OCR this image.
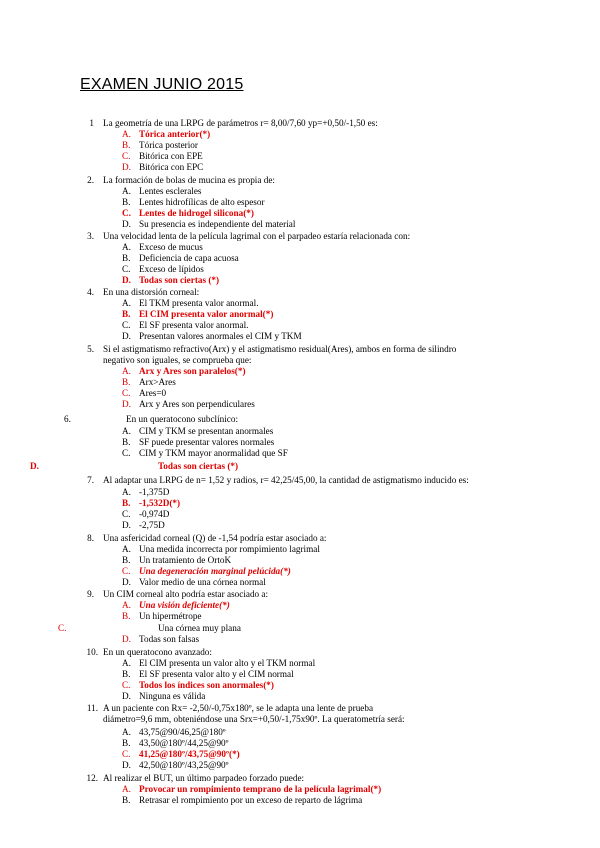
EXAMEN JUNIO 2015
1 La geometría de una LRPG de parámetros r= 8,00/7,60 yp=+0,50/-1,50 es:
A. Tórica anterior(*)
B. Tórica posterior
C. Bitórica con EPE
D. Bitórica con EPC
2. La formación de bolas de mucina es propia de:
A. Lentes esclerales
B. Lentes hidrofílicas de alto espesor
C. Lentes de hidrogel silicona(*)
D. Su presencia es independiente del material
3. Una velocidad lenta de la película lagrimal con el parpadeo estaría relacionada con:
A. Exceso de mucus
B. Deficiencia de capa acuosa
C. Exceso de lípidos
D. Todas son ciertas (*)
4. En una distorsión corneal:
A. El TKM presenta valor anormal.
B. El CIM presenta valor anormal(*)
C. El SF presenta valor anormal.
D. Presentan valores anormales el CIM y TKM
5. Si el astigmatismo refractivo(Arx) y el astigmatismo residual(Ares), ambos en forma de silindro
negativo son iguales, se comprueba que:
A. Arx y Ares son paralelos(*)
B. Arx>Ares
C. Ares=0
D. Arx y Ares son perpendiculares
6.	En un queratocono subclínico:
A. CIM y TKM se presentan anormales
B. SF puede presentar valores normales
C. CIM y TKM mayor anormalidad que SF
D.	Todas son ciertas (*)
7. Al adaptar una LRPG de n= 1,52 y radios, r= 42,25/45,00, la cantidad de astigmatismo inducido es:
A. -1,375D
B. -1,532D(*)
C. -0,974D
D. -2,75D
8. Una asfericidad corneal (Q) de -1,54 podría estar asociado a:
A. Una medida incorrecta por rompimiento lagrimal
B. Un tratamiento de OrtoK
C. Una degeneración marginal pelúcida(*)
D. Valor medio de una córnea normal
9. Un CIM corneal alto podría estar asociado a:
A. Una visión deficiente(*)
B. Un hipermétrope
C.	Una córnea muy plana
D. Todas son falsas
10. En un queratocono avanzado:
A. El CIM presenta un valor alto y el TKM normal
B. El SF presenta valor alto y el CIM normal
C. Todos los índices son anormales(*)
D. Ninguna es válida
11. A un paciente con Rx= -2,50/-0,75x180º, se le adapta una lente de prueba
diámetro=9,6 mm, obteniéndose una Srx=+0,50/-1,75x90º. La queratometría será:
A. 43,75@90/46,25@180º
B. 43,50@180º/44,25@90º
C. 41,25@180º/43,75@90º(*)
D. 42,50@180º/43,25@90º
12. Al realizar el BUT, un último parpadeo forzado puede:
A. Provocar un rompimiento temprano de la película lagrimal(*)
B. Retrasar el rompimiento por un exceso de reparto de lágrima
